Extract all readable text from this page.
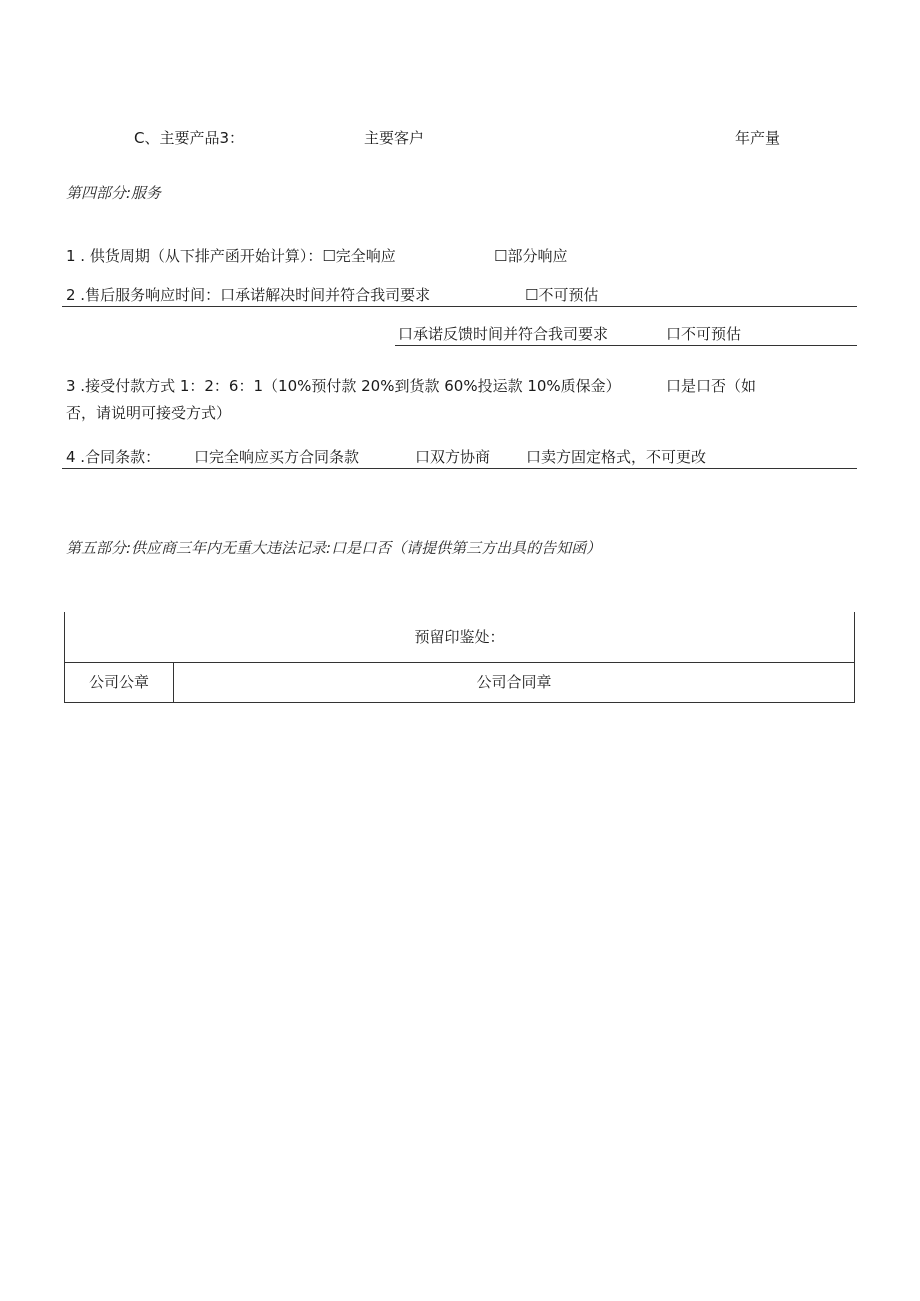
C、主要产品3：	主要客户	年产量
第四部分:服务
1 . 供货周期（从下排产函开始计算）：☐完全响应	☐部分响应
2 .售后服务响应时间：口承诺解决时间并符合我司要求	☐不可预估
口承诺反馈时间并符合我司要求	口不可预估
3 .接受付款方式 1：2：6：1（10%预付款 20%到货款 60%投运款 10%质保金）	口是口否（如
否，请说明可接受方式）
4 .合同条款： 口完全响应买方合同条款	口双方协商 口卖方固定格式，不可更改
第五部分:供应商三年内无重大违法记录:口是口否（请提供第三方出具的告知函）
预留印鉴处：
公司公章	公司合同章
